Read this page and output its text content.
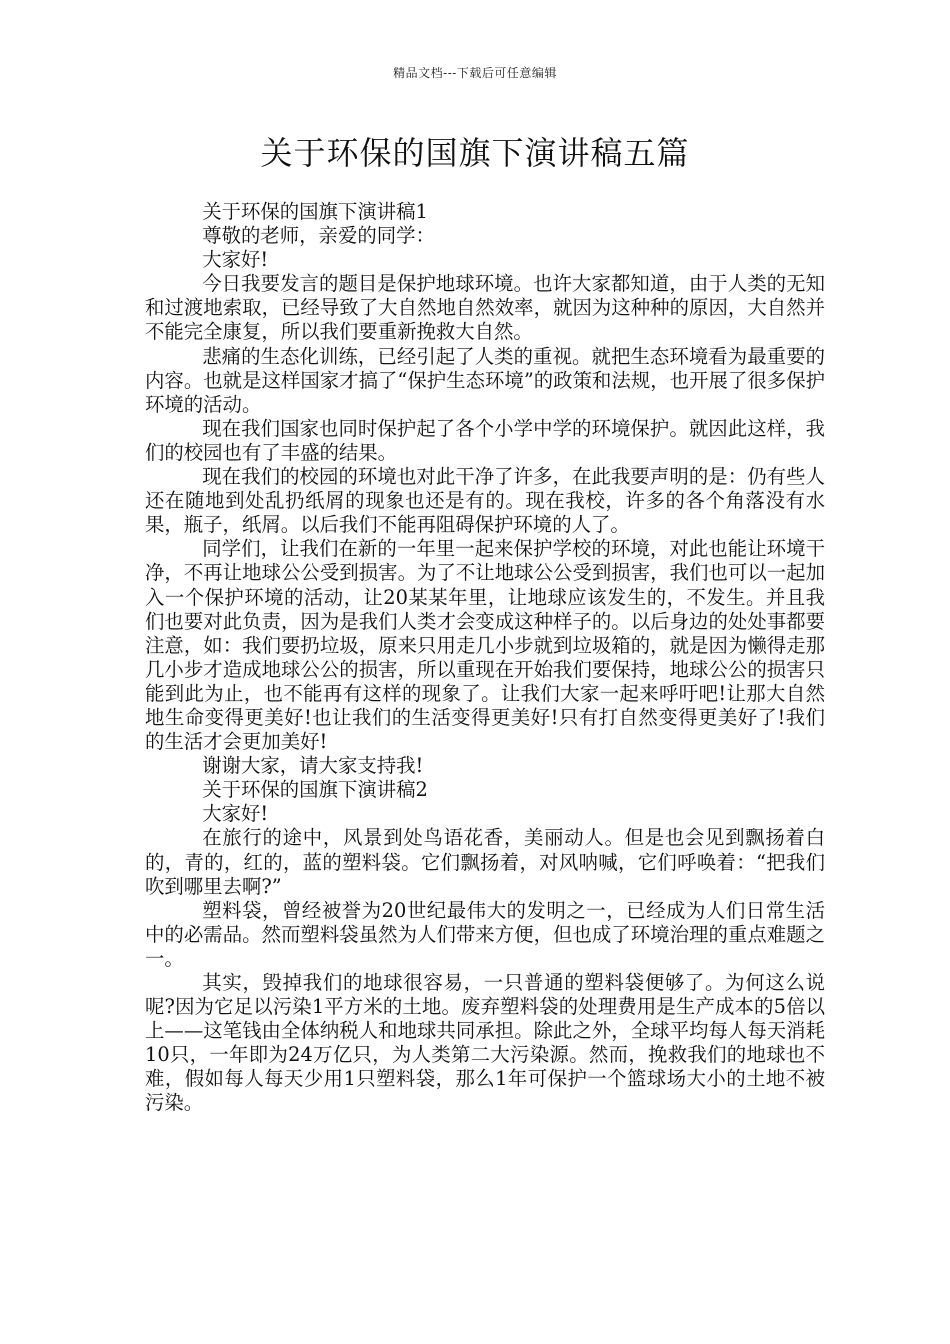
精品文档---下载后可任意编辑
关于环保的国旗下演讲稿五篇

关于环保的国旗下演讲稿1

尊敬的老师，亲爱的同学：

大家好!

今日我要发言的题目是保护地球环境。也许大家都知道，由于人类的无知和过渡地索取，已经导致了大自然地自然效率，就因为这种种的原因，大自然并不能完全康复，所以我们要重新挽救大自然。

悲痛的生态化训练，已经引起了人类的重视。就把生态环境看为最重要的内容。也就是这样国家才搞了“保护生态环境”的政策和法规，也开展了很多保护环境的活动。

现在我们国家也同时保护起了各个小学中学的环境保护。就因此这样，我们的校园也有了丰盛的结果。

现在我们的校园的环境也对此干净了许多，在此我要声明的是：仍有些人还在随地到处乱扔纸屑的现象也还是有的。现在我校，许多的各个角落没有水果，瓶子，纸屑。以后我们不能再阻碍保护环境的人了。

同学们，让我们在新的一年里一起来保护学校的环境，对此也能让环境干净，不再让地球公公受到损害。为了不让地球公公受到损害，我们也可以一起加入一个保护环境的活动，让20某某年里，让地球应该发生的，不发生。并且我们也要对此负责，因为是我们人类才会变成这种样子的。以后身边的处处事都要注意，如：我们要扔垃圾，原来只用走几小步就到垃圾箱的，就是因为懒得走那几小步才造成地球公公的损害，所以重现在开始我们要保持，地球公公的损害只能到此为止，也不能再有这样的现象了。让我们大家一起来呼吁吧!让那大自然地生命变得更美好!也让我们的生活变得更美好!只有打自然变得更美好了!我们的生活才会更加美好!

谢谢大家，请大家支持我!

关于环保的国旗下演讲稿2

大家好!

在旅行的途中，风景到处鸟语花香，美丽动人。但是也会见到飘扬着白的，青的，红的，蓝的塑料袋。它们飘扬着，对风呐喊，它们呼唤着：“把我们吹到哪里去啊?”

塑料袋，曾经被誉为20世纪最伟大的发明之一，已经成为人们日常生活中的必需品。然而塑料袋虽然为人们带来方便，但也成了环境治理的重点难题之一。

其实，毁掉我们的地球很容易，一只普通的塑料袋便够了。为何这么说呢?因为它足以污染1平方米的土地。废弃塑料袋的处理费用是生产成本的5倍以上——这笔钱由全体纳税人和地球共同承担。除此之外，全球平均每人每天消耗10只，一年即为24万亿只，为人类第二大污染源。然而，挽救我们的地球也不难，假如每人每天少用1只塑料袋，那么1年可保护一个篮球场大小的土地不被污染。
